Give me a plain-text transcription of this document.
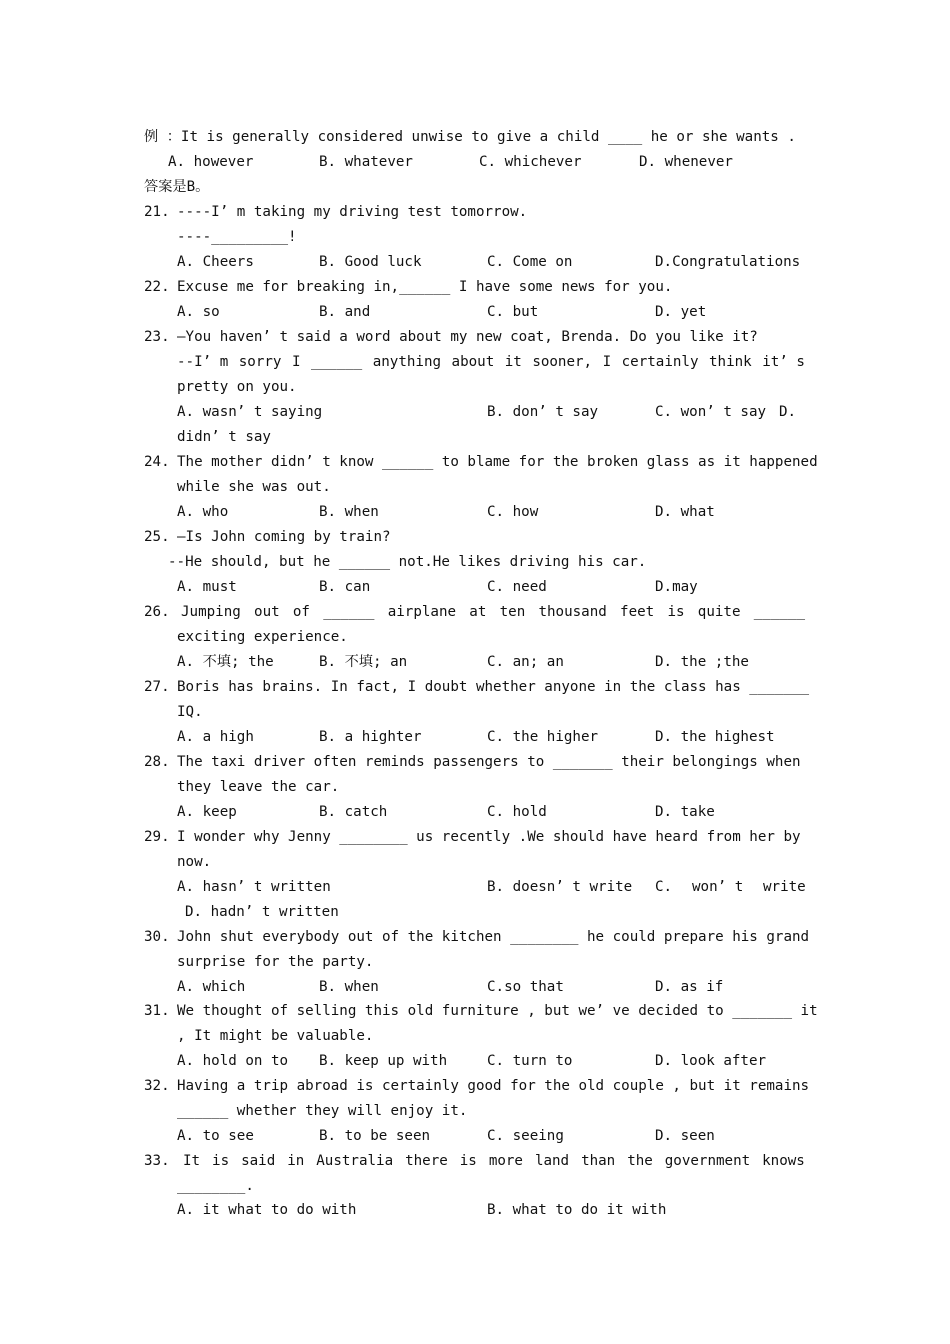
例 ：It is generally considered unwise to give a child ____ he or she wants .
A. however	B. whatever	C. whichever	D. whenever
答案是B。
21. ----I’ m taking my driving test tomorrow.
----_________!
A. Cheers	B. Good luck	C. Come on	D.Congratulations
22. Excuse me for breaking in,______ I have some news for you.
A. so	B. and	C. but	D. yet
23. –You haven’ t said a word about my new coat, Brenda. Do you like it?
--I’ m sorry I ______ anything about it sooner, I certainly think it’ s
pretty on you.
A. wasn’ t saying	B. don’ t say	C. won’ t say D.
didn’ t say
24. The mother didn’ t know ______ to blame for the broken glass as it happened
while she was out.
A. who	B. when	C. how	D. what
25. –Is John coming by train?
--He should, but he ______ not.He likes driving his car.
A. must	B. can	C. need	D.may
26. Jumping out of ______ airplane at ten thousand feet is quite ______
exciting experience.
A. 不填; the	B. 不填; an	C. an; an	D. the ;the
27. Boris has brains. In fact, I doubt whether anyone in the class has _______
IQ.
A. a high	B. a highter	C. the higher	D. the highest
28. The taxi driver often reminds passengers to _______ their belongings when
they leave the car.
A. keep	B. catch	C. hold	D. take
29. I wonder why Jenny ________ us recently .We should have heard from her by
now.
A. hasn’ t written	B. doesn’ t write C. won’ t write
D. hadn’ t written
30. John shut everybody out of the kitchen ________ he could prepare his grand
surprise for the party.
A. which	B. when	C.so that	D. as if
31. We thought of selling this old furniture , but we’ ve decided to _______ it
, It might be valuable.
A. hold on to B. keep up with	C. turn to	D. look after
32. Having a trip abroad is certainly good for the old couple , but it remains
______ whether they will enjoy it.
A. to see	B. to be seen	C. seeing	D. seen
33. It is said in Australia there is more land than the government knows
________.
A. it what to do with	B. what to do it with
